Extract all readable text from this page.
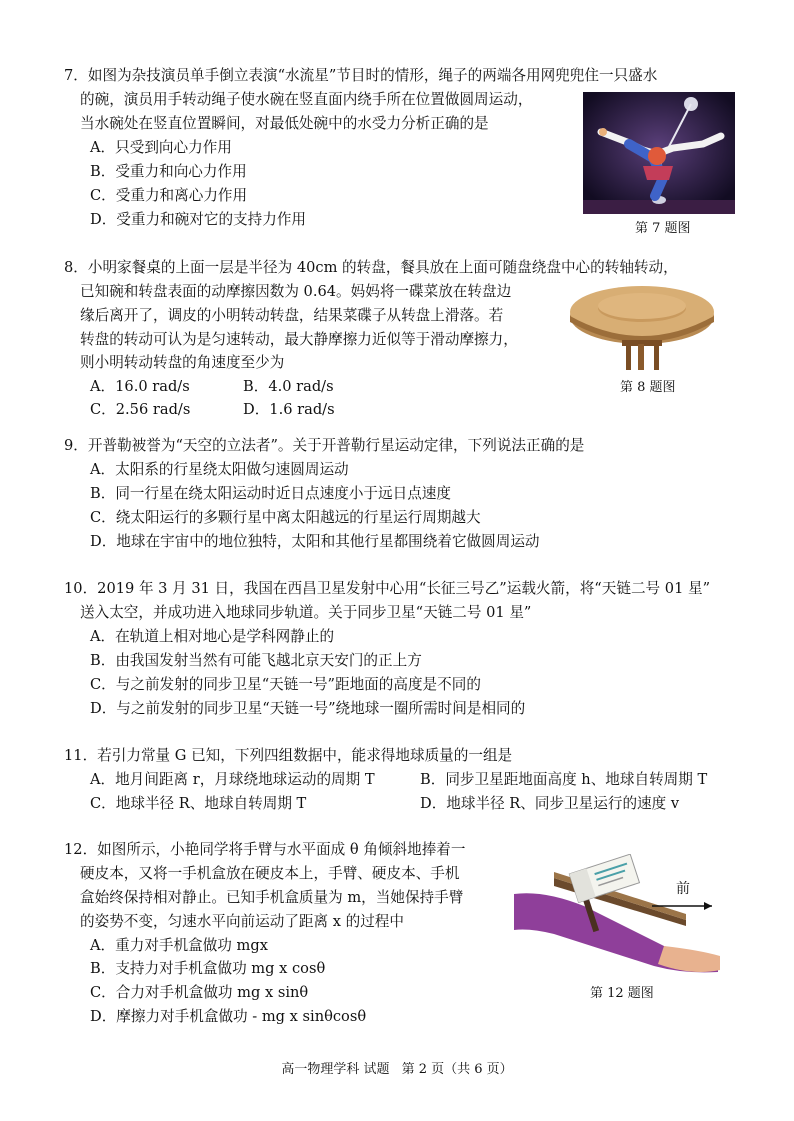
7．如图为杂技演员单手倒立表演“水流星”节目时的情形，绳子的两端各用网兜兜住一只盛水
的碗，演员用手转动绳子使水碗在竖直面内绕手所在位置做圆周运动，
当水碗处在竖直位置瞬间，对最低处碗中的水受力分析正确的是
A．只受到向心力作用
B．受重力和向心力作用
C．受重力和离心力作用
D．受重力和碗对它的支持力作用
第 7 题图
8．小明家餐桌的上面一层是半径为 40cm 的转盘，餐具放在上面可随盘绕盘中心的转轴转动，
已知碗和转盘表面的动摩擦因数为 0.64。妈妈将一碟菜放在转盘边
缘后离开了，调皮的小明转动转盘，结果菜碟子从转盘上滑落。若
转盘的转动可认为是匀速转动，最大静摩擦力近似等于滑动摩擦力，
则小明转动转盘的角速度至少为
A．16.0 rad/s	B．4.0 rad/s
C．2.56 rad/s	D．1.6 rad/s
第 8 题图
9．开普勒被誉为“天空的立法者”。关于开普勒行星运动定律，下列说法正确的是
A．太阳系的行星绕太阳做匀速圆周运动
B．同一行星在绕太阳运动时近日点速度小于远日点速度
C．绕太阳运行的多颗行星中离太阳越远的行星运行周期越大
D．地球在宇宙中的地位独特，太阳和其他行星都围绕着它做圆周运动
10．2019 年 3 月 31 日，我国在西昌卫星发射中心用“长征三号乙”运载火箭，将“天链二号 01 星”
送入太空，并成功进入地球同步轨道。关于同步卫星“天链二号 01 星”
A．在轨道上相对地心是学科网静止的
B．由我国发射当然有可能飞越北京天安门的正上方
C．与之前发射的同步卫星“天链一号”距地面的高度是不同的
D．与之前发射的同步卫星“天链一号”绕地球一圈所需时间是相同的
11．若引力常量 G 已知，下列四组数据中，能求得地球质量的一组是
A．地月间距离 r，月球绕地球运动的周期 T	B．同步卫星距地面高度 h、地球自转周期 T
C．地球半径 R、地球自转周期 T	D．地球半径 R、同步卫星运行的速度 v
12．如图所示，小艳同学将手臂与水平面成 θ 角倾斜地捧着一
硬皮本，又将一手机盒放在硬皮本上，手臂、硬皮本、手机
盒始终保持相对静止。已知手机盒质量为 m，当她保持手臂
的姿势不变，匀速水平向前运动了距离 x 的过程中
A．重力对手机盒做功 mgx
B．支持力对手机盒做功 mg x cosθ
C．合力对手机盒做功 mg x sinθ
D．摩擦力对手机盒做功 - mg x sinθcosθ
前
第 12 题图
高一物理学科 试题 第 2 页（共 6 页）
